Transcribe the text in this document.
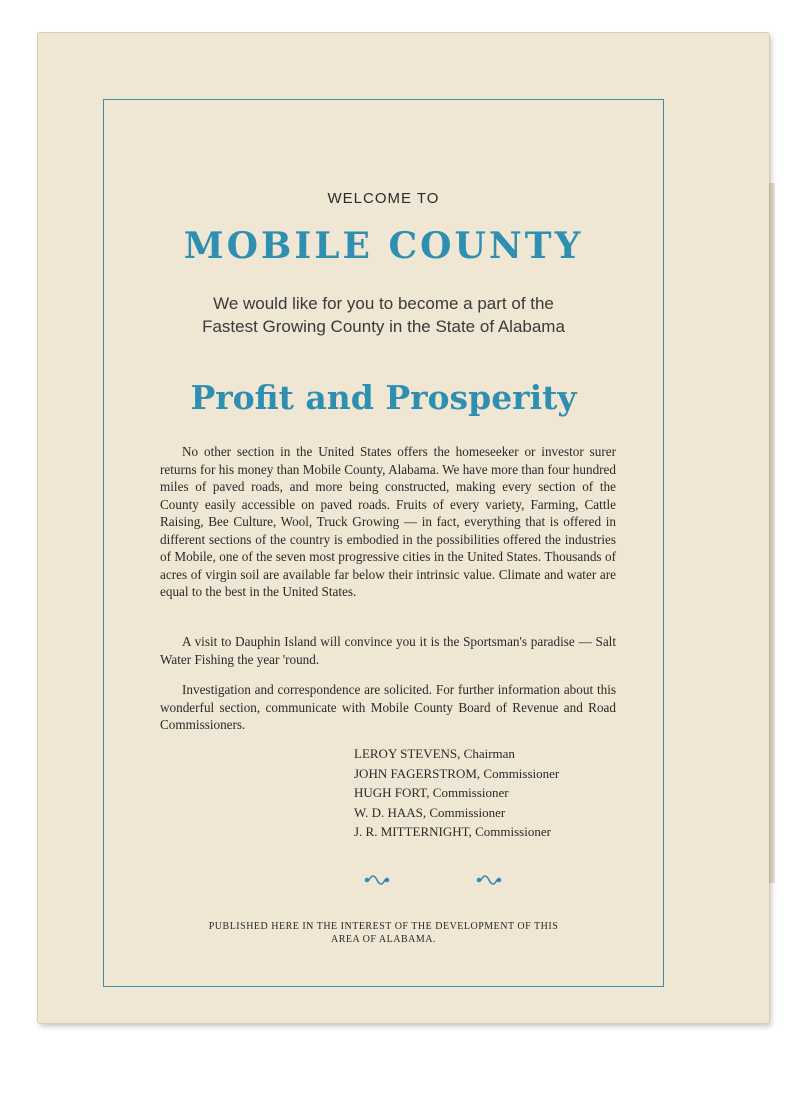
WELCOME TO
MOBILE COUNTY
We would like for you to become a part of the
Fastest Growing County in the State of Alabama
Profit and Prosperity

No other section in the United States offers the homeseeker or investor surer returns for his money than Mobile County, Alabama. We have more than four hundred miles of paved roads, and more being constructed, making every section of the County easily accessible on paved roads. Fruits of every variety, Farming, Cattle Raising, Bee Culture, Wool, Truck Growing — in fact, everything that is offered in different sections of the country is embodied in the possibilities offered the industries of Mobile, one of the seven most progressive cities in the United States. Thousands of acres of virgin soil are available far below their intrinsic value. Climate and water are equal to the best in the United States.

A visit to Dauphin Island will convince you it is the Sportsman's paradise — Salt Water Fishing the year 'round.

Investigation and correspondence are solicited. For further information about this wonderful section, communicate with Mobile County Board of Revenue and Road Commissioners.

LEROY STEVENS, Chairman
JOHN FAGERSTROM, Commissioner
HUGH FORT, Commissioner
W. D. HAAS, Commissioner
J. R. MITTERNIGHT, Commissioner
PUBLISHED HERE IN THE INTEREST OF THE DEVELOPMENT OF THIS
AREA OF ALABAMA.
